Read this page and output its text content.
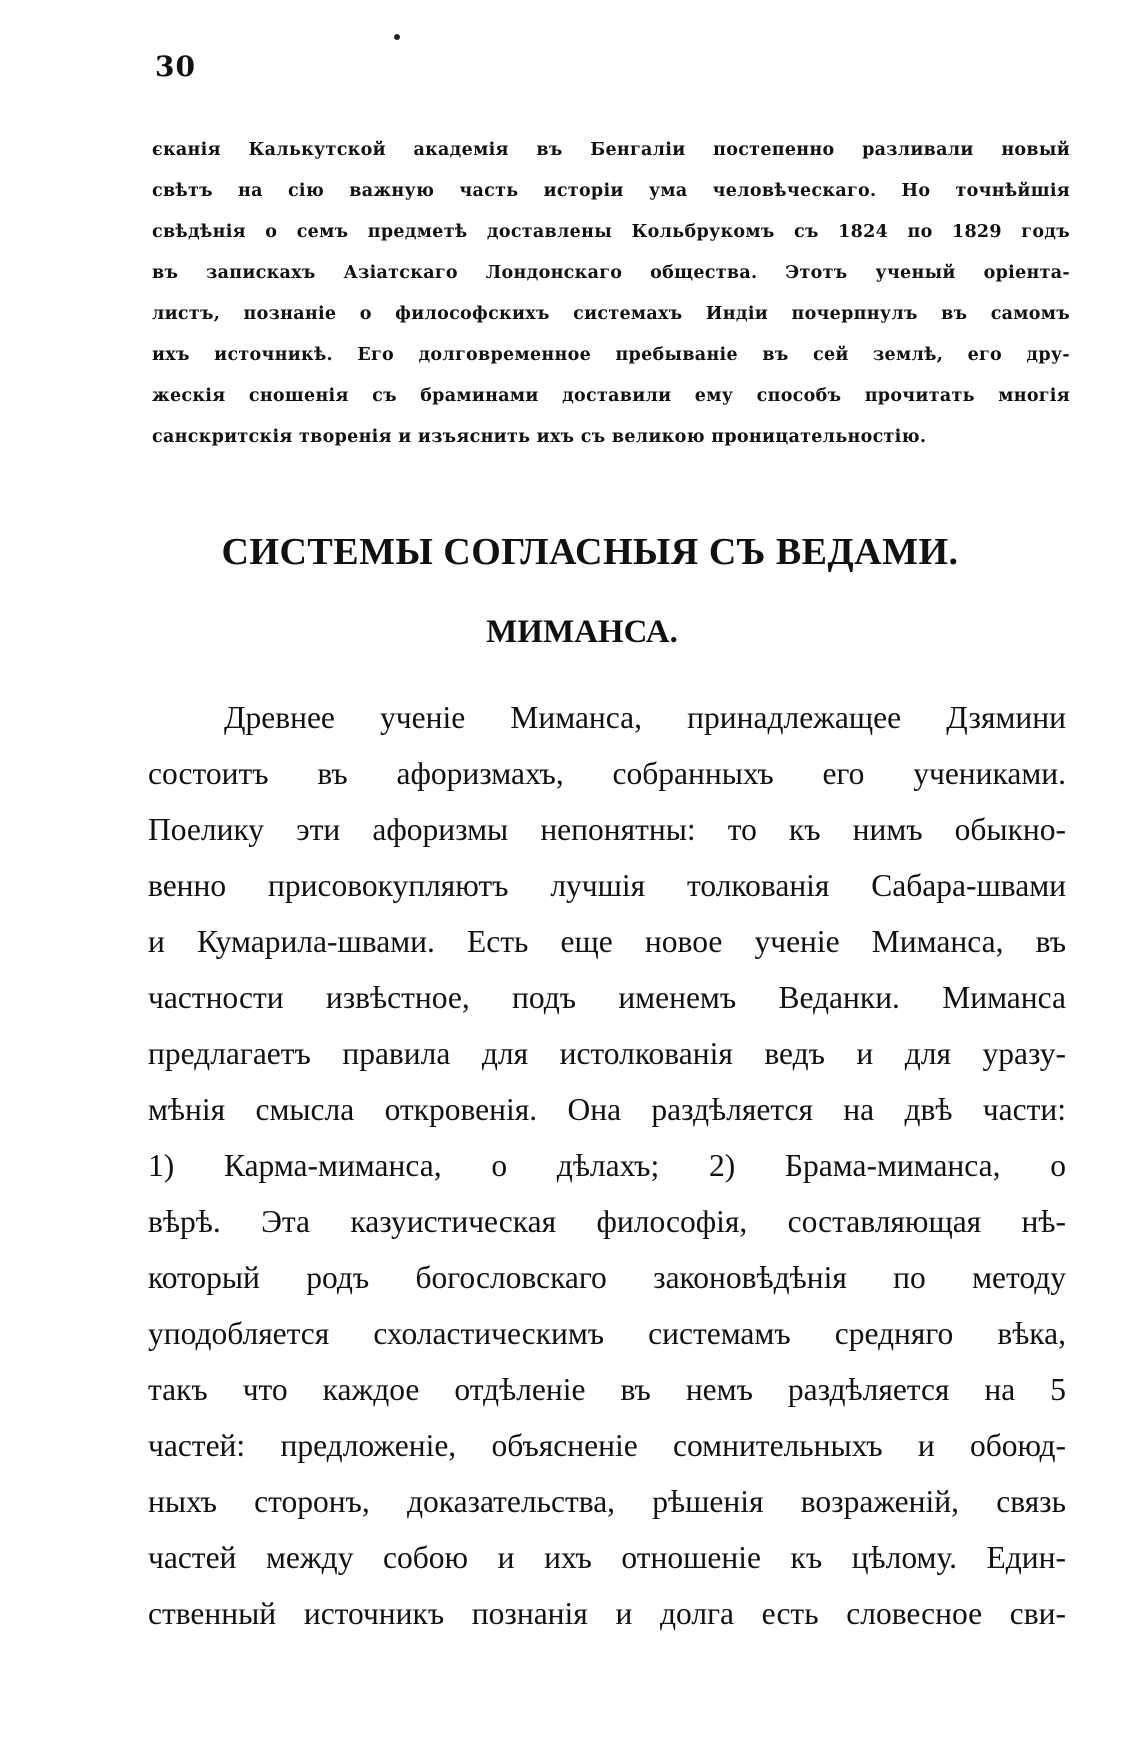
30
єканія Калькутской академія въ Бенгаліи постепенно разливали новый
свѣтъ на сію важную часть исторіи ума человѣческаго. Но точнѣйшія
свѣдѣнія о семъ предметѣ доставлены Кольбрукомъ съ 1824 по 1829 годъ
въ запискахъ Азіатскаго Лондонскаго общества. Этотъ ученый оріента-
листъ, познаніе о философскихъ системахъ Индіи почерпнулъ въ самомъ
ихъ источникѣ. Его долговременное пребываніе въ сей землѣ, его дру-
жескія сношенія съ браминами доставили ему способъ прочитать многія
санскритскія творенія и изъяснить ихъ съ великою проницательностію.
СИСТЕМЫ СОГЛАСНЫЯ СЪ ВЕДАМИ.
МИМАНСА.
Древнее ученіе Миманса, принадлежащее Дзямини
состоитъ въ афоризмахъ, собранныхъ его учениками.
Поелику эти афоризмы непонятны: то къ нимъ обыкно-
венно присовокупляютъ лучшія толкованія Сабара-швами
и Кумарила-швами. Есть еще новое ученіе Миманса, въ
частности извѣстное, подъ именемъ Веданки. Миманса
предлагаетъ правила для истолкованія ведъ и для уразу-
мѣнія смысла откровенія. Она раздѣляется на двѣ части:
1) Карма-миманса, о дѣлахъ; 2) Брама-миманса, о
вѣрѣ. Эта казуистическая философія, составляющая нѣ-
который родъ богословскаго законовѣдѣнія по методу
уподобляется схоластическимъ системамъ средняго вѣка,
такъ что каждое отдѣленіе въ немъ раздѣляется на 5
частей: предложеніе, объясненіе сомнительныхъ и обоюд-
ныхъ сторонъ, доказательства, рѣшенія возраженій, связь
частей между собою и ихъ отношеніе къ цѣлому. Един-
ственный источникъ познанія и долга есть словесное сви-
